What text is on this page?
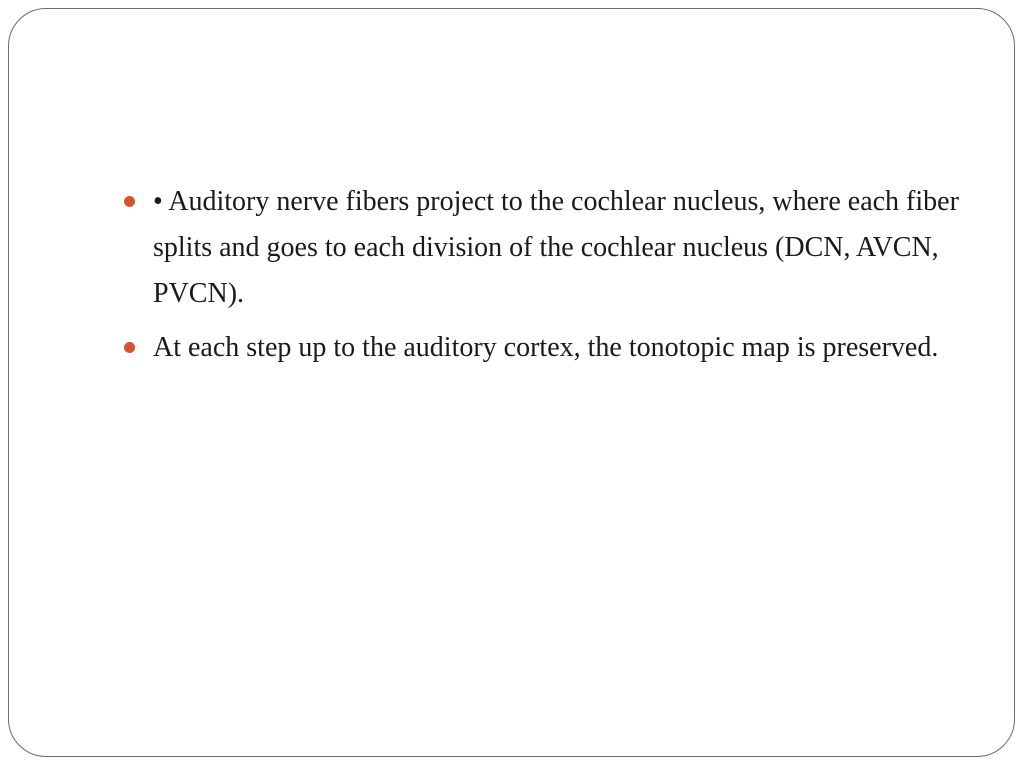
• Auditory nerve fibers project to the cochlear nucleus, where each fiber splits and goes to each division of the cochlear nucleus (DCN, AVCN, PVCN).
At each step up to the auditory cortex, the tonotopic map is preserved.
